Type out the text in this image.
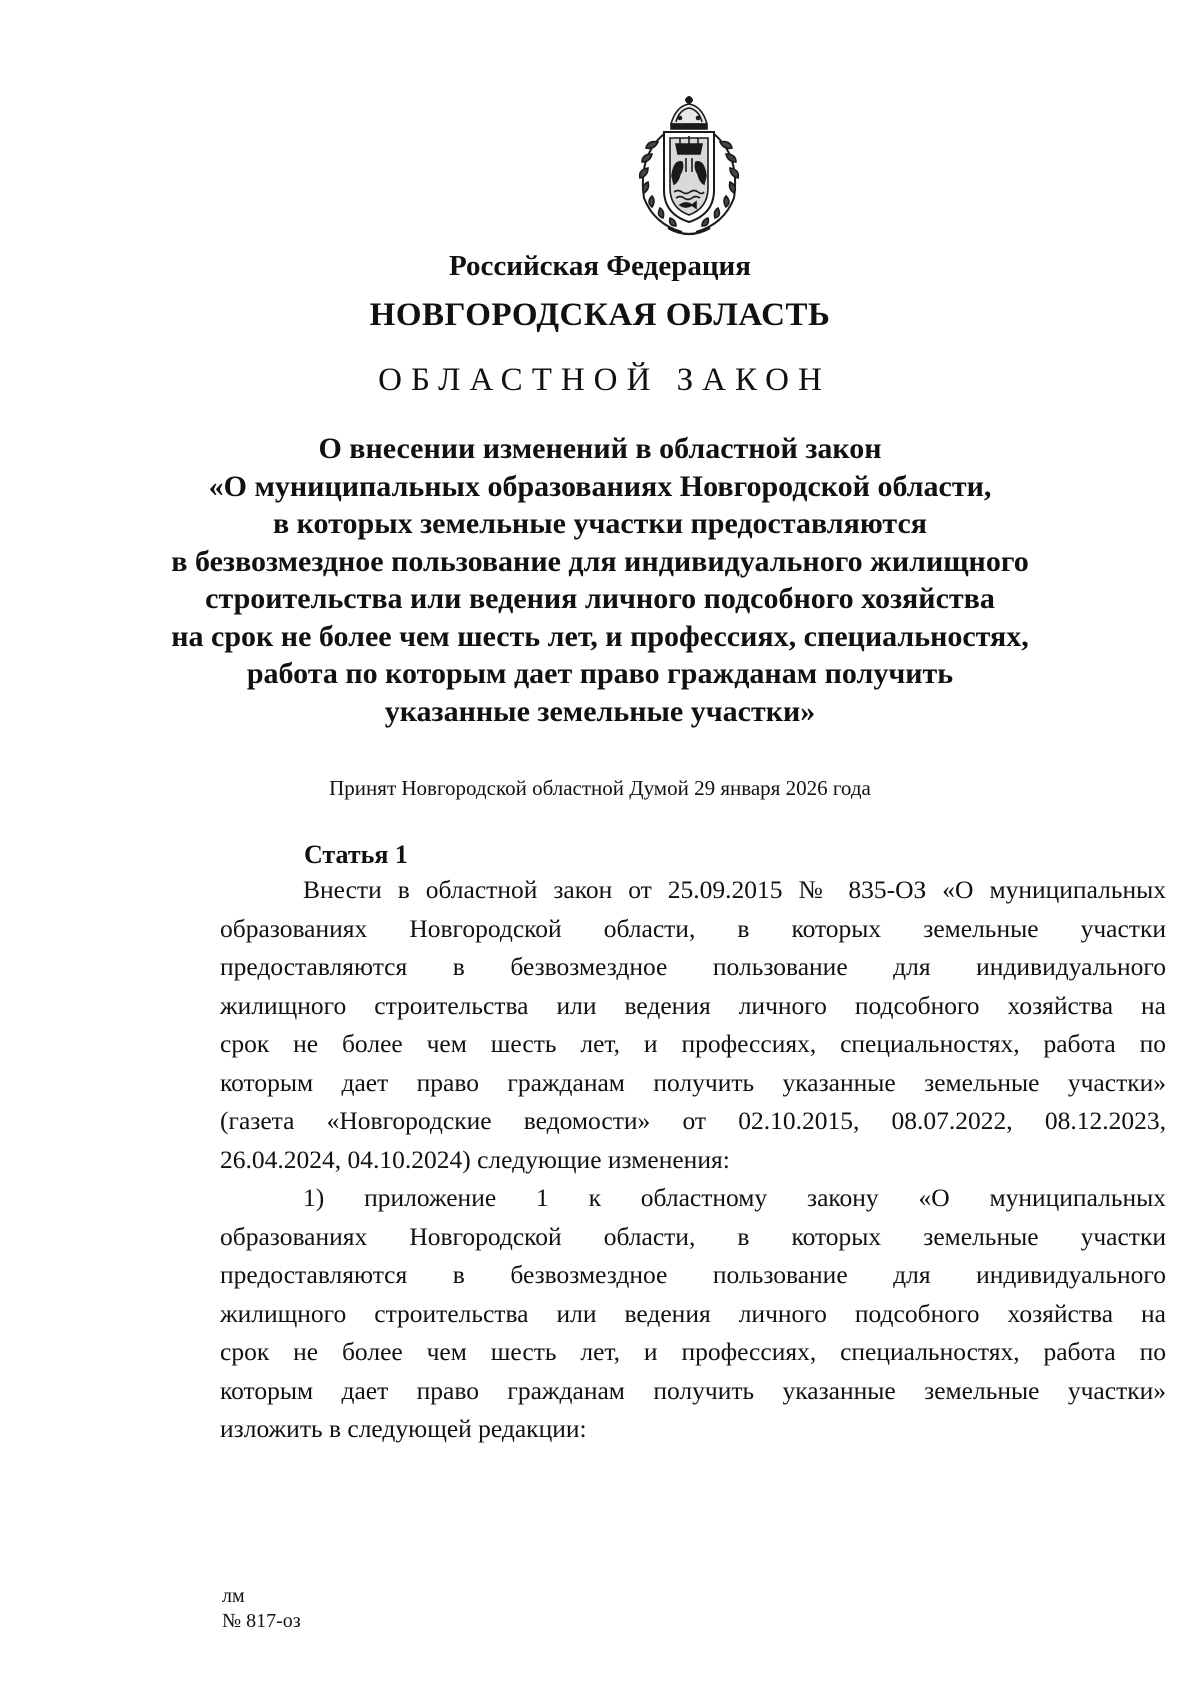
Российская Федерация
НОВГОРОДСКАЯ ОБЛАСТЬ
ОБЛАСТНОЙ ЗАКОН
О внесении изменений в областной закон
«О муниципальных образованиях Новгородской области,
в которых земельные участки предоставляются
в безвозмездное пользование для индивидуального жилищного
строительства или ведения личного подсобного хозяйства
на срок не более чем шесть лет, и профессиях, специальностях,
работа по которым дает право гражданам получить
указанные земельные участки»
Принят Новгородской областной Думой 29 января 2026 года
Статья 1
Внести в областной закон от 25.09.2015 № 835-ОЗ «О муниципальных
образованиях Новгородской области, в которых земельные участки
предоставляются в безвозмездное пользование для индивидуального
жилищного строительства или ведения личного подсобного хозяйства на
срок не более чем шесть лет, и профессиях, специальностях, работа по
которым дает право гражданам получить указанные земельные участки»
(газета «Новгородские ведомости» от 02.10.2015, 08.07.2022, 08.12.2023,
26.04.2024, 04.10.2024) следующие изменения:
1) приложение 1 к областному закону «О муниципальных
образованиях Новгородской области, в которых земельные участки
предоставляются в безвозмездное пользование для индивидуального
жилищного строительства или ведения личного подсобного хозяйства на
срок не более чем шесть лет, и профессиях, специальностях, работа по
которым дает право гражданам получить указанные земельные участки»
изложить в следующей редакции:
лм
№ 817-оз
